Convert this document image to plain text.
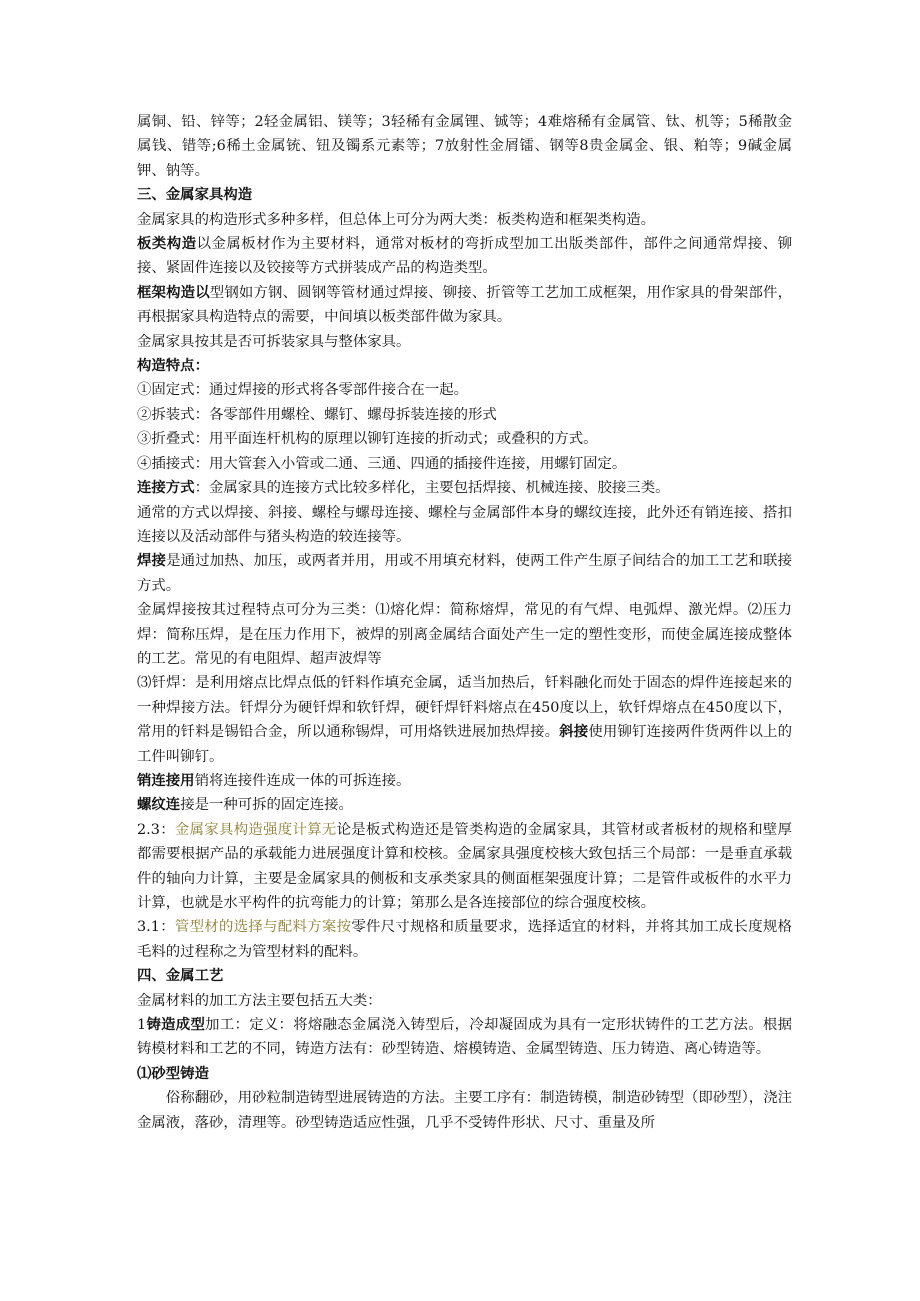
属铜、铅、锌等；2轻金属铝、镁等；3轻稀有金属锂、铖等；4难熔稀有金属管、钛、机等；5稀散金属钱、错等;6稀土金属铳、钮及镯系元素等；7放射性金屑镭、钢等8贵金属金、银、粕等；9碱金属钾、钠等。

三、金属家具构造

金属家具的构造形式多种多样，但总体上可分为两大类：板类构造和框架类构造。

板类构造以金属板材作为主要材料，通常对板材的弯折成型加工出版类部件，部件之间通常焊接、铆接、紧固件连接以及铰接等方式拼装成产品的构造类型。

框架构造以型钢如方钢、圆钢等管材通过焊接、铆接、折管等工艺加工成框架，用作家具的骨架部件，再根据家具构造特点的需要，中间填以板类部件做为家具。

金属家具按其是否可拆装家具与整体家具。

构造特点：

①固定式：通过焊接的形式将各零部件接合在一起。

②拆装式：各零部件用螺栓、螺钉、螺母拆装连接的形式

③折叠式：用平面连杆机构的原理以铆钉连接的折动式；或叠积的方式。

④插接式：用大管套入小管或二通、三通、四通的插接件连接，用螺钉固定。

连接方式：金属家具的连接方式比较多样化，主要包括焊接、机械连接、胶接三类。

通常的方式以焊接、斜接、螺栓与螺母连接、螺栓与金属部件本身的螺纹连接，此外还有销连接、搭扣连接以及活动部件与猪头构造的较连接等。

焊接是通过加热、加压，或两者并用，用或不用填充材料，使两工件产生原子间结合的加工工艺和联接方式。

金属焊接按其过程特点可分为三类：⑴熔化焊：简称熔焊，常见的有气焊、电弧焊、激光焊。⑵压力焊：简称压焊，是在压力作用下，被焊的别离金属结合面处产生一定的塑性变形，而使金属连接成整体的工艺。常见的有电阻焊、超声波焊等

⑶钎焊：是利用熔点比焊点低的钎料作填充金属，适当加热后，钎料融化而处于固态的焊件连接起来的一种焊接方法。钎焊分为硬钎焊和软钎焊，硬钎焊钎料熔点在450度以上，软钎焊熔点在450度以下，常用的钎料是锡铅合金，所以通称锡焊，可用烙铁进展加热焊接。斜接使用铆钉连接两件货两件以上的工件叫铆钉。

销连接用销将连接件连成一体的可拆连接。

螺纹连接是一种可拆的固定连接。

2.3：金属家具构造强度计算无论是板式构造还是管类构造的金属家具，其管材或者板材的规格和壁厚都需要根据产品的承载能力进展强度计算和校核。金属家具强度校核大致包括三个局部：一是垂直承载件的轴向力计算，主要是金属家具的侧板和支承类家具的侧面框架强度计算；二是管件或板件的水平力计算，也就是水平构件的抗弯能力的计算；第那么是各连接部位的综合强度校核。

3.1：管型材的选择与配料方案按零件尺寸规格和质量要求，选择适宜的材料，并将其加工成长度规格毛料的过程称之为管型材料的配料。

四、金属工艺

金属材料的加工方法主要包括五大类：

1铸造成型加工：定义：将熔融态金属浇入铸型后，冷却凝固成为具有一定形状铸件的工艺方法。根据铸模材料和工艺的不同，铸造方法有：砂型铸造、熔模铸造、金属型铸造、压力铸造、离心铸造等。

⑴砂型铸造

俗称翻砂，用砂粒制造铸型进展铸造的方法。主要工序有：制造铸模，制造砂铸型（即砂型），浇注金属液，落砂，清理等。砂型铸造适应性强，几乎不受铸件形状、尺寸、重量及所
